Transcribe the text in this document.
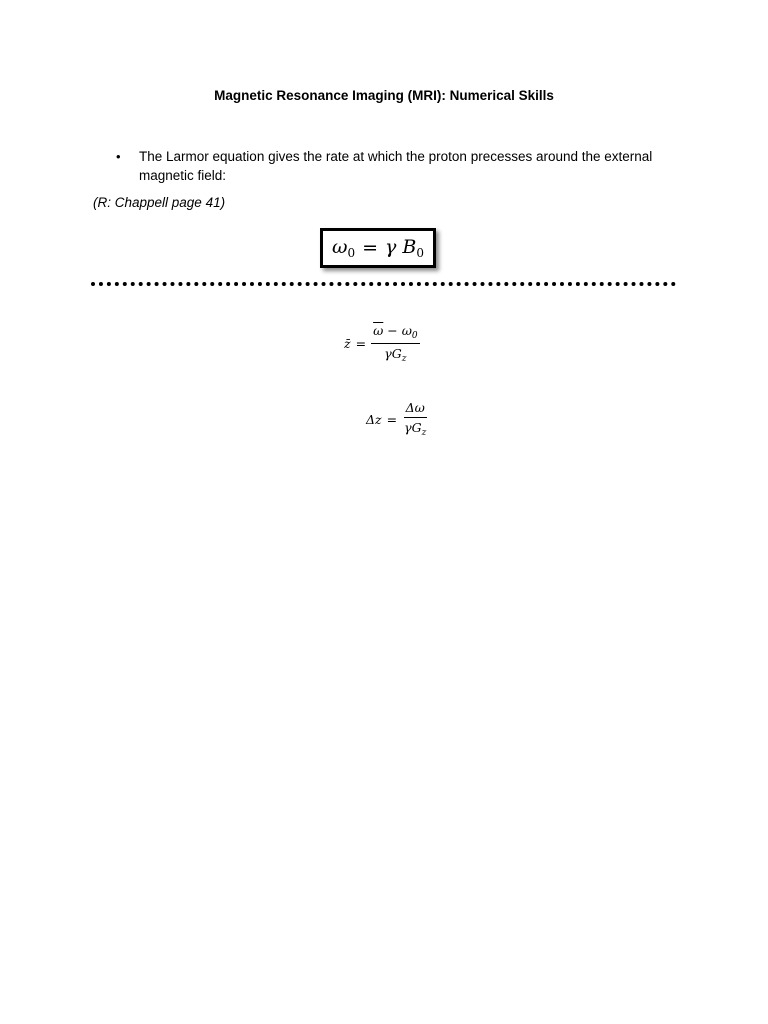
Magnetic Resonance Imaging (MRI): Numerical Skills
• The Larmor equation gives the rate at which the proton precesses around the external magnetic field:
(R: Chappell page 41)
$\omega_0 = \gamma$ $B_0$
z̄ = $\frac{\overline{\omega} - \omega_0}{\gamma G_z}$
$\Delta z = \frac{\Delta\omega}{\gamma G_z}$
